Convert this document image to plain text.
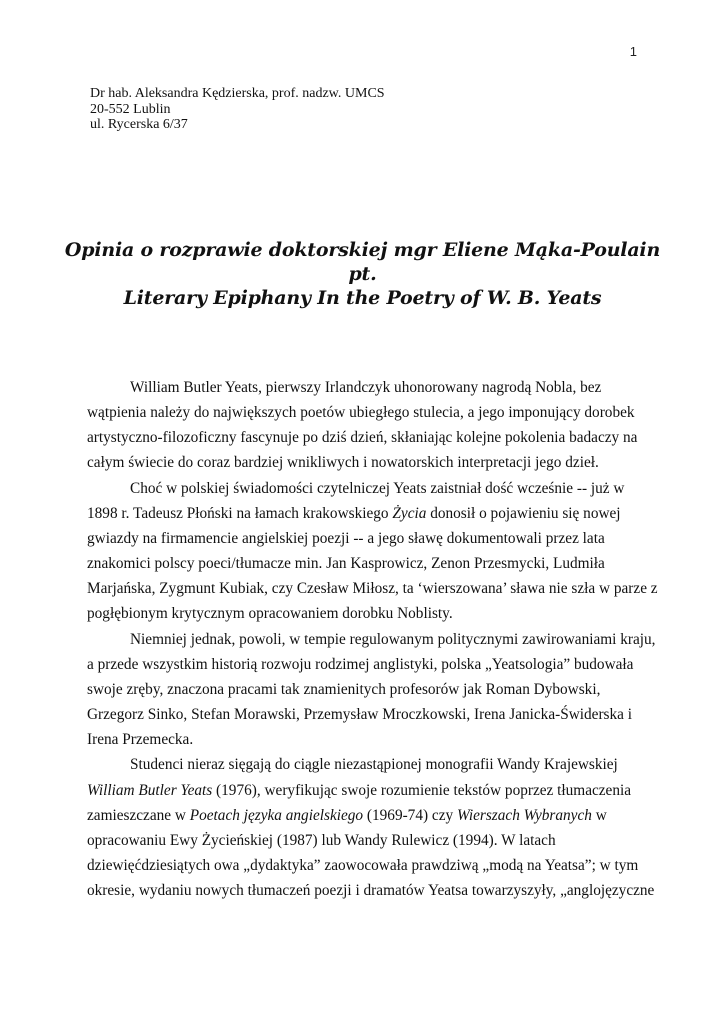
1
Dr hab. Aleksandra Kędzierska, prof. nadzw. UMCS
20-552 Lublin
ul. Rycerska 6/37
Opinia o rozprawie doktorskiej mgr Eliene Mąka-Poulain
pt.
Literary Epiphany In the Poetry of W. B. Yeats
William Butler Yeats, pierwszy Irlandczyk uhonorowany nagrodą Nobla, bez
wątpienia należy do największych poetów ubiegłego stulecia, a jego imponujący dorobek
artystyczno-filozoficzny fascynuje po dziś dzień, skłaniając kolejne pokolenia badaczy na
całym świecie do coraz bardziej wnikliwych i nowatorskich interpretacji jego dzieł.
Choć w polskiej świadomości czytelniczej Yeats zaistniał dość wcześnie -- już w
1898 r. Tadeusz Płoński na łamach krakowskiego Życia donosił o pojawieniu się nowej
gwiazdy na firmamencie angielskiej poezji -- a jego sławę dokumentowali przez lata
znakomici polscy poeci/tłumacze min. Jan Kasprowicz, Zenon Przesmycki, Ludmiła
Marjańska, Zygmunt Kubiak, czy Czesław Miłosz, ta ‘wierszowana’ sława nie szła w parze z
pogłębionym krytycznym opracowaniem dorobku Noblisty.
Niemniej jednak, powoli, w tempie regulowanym politycznymi zawirowaniami kraju,
a przede wszystkim historią rozwoju rodzimej anglistyki, polska „Yeatsologia” budowała
swoje zręby, znaczona pracami tak znamienitych profesorów jak Roman Dybowski,
Grzegorz Sinko, Stefan Morawski, Przemysław Mroczkowski, Irena Janicka-Świderska i
Irena Przemecka.
Studenci nieraz sięgają do ciągle niezastąpionej monografii Wandy Krajewskiej
William Butler Yeats (1976), weryfikując swoje rozumienie tekstów poprzez tłumaczenia
zamieszczane w Poetach języka angielskiego (1969-74) czy Wierszach Wybranych w
opracowaniu Ewy Życieńskiej (1987) lub Wandy Rulewicz (1994). W latach
dziewięćdziesiątych owa „dydaktyka” zaowocowała prawdziwą „modą na Yeatsa”; w tym
okresie, wydaniu nowych tłumaczeń poezji i dramatów Yeatsa towarzyszyły, „anglojęzyczne
